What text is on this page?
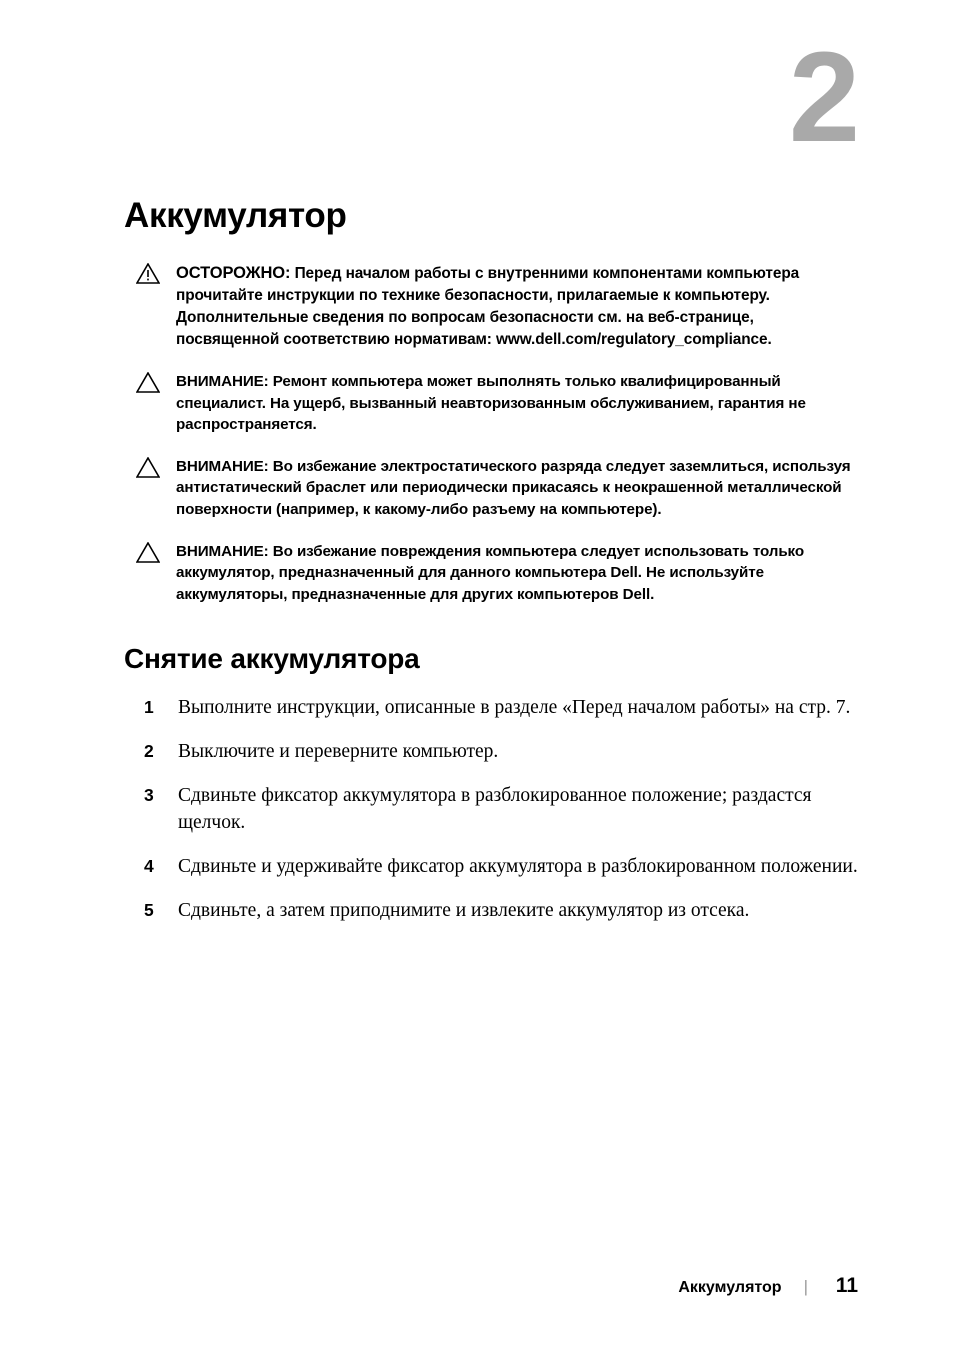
2
Аккумулятор
ОСТОРОЖНО: Перед началом работы с внутренними компонентами компьютера прочитайте инструкции по технике безопасности, прилагаемые к компьютеру. Дополнительные сведения по вопросам безопасности см. на веб-странице, посвященной соответствию нормативам: www.dell.com/regulatory_compliance.
ВНИМАНИЕ: Ремонт компьютера может выполнять только квалифицированный специалист. На ущерб, вызванный неавторизованным обслуживанием, гарантия не распространяется.
ВНИМАНИЕ: Во избежание электростатического разряда следует заземлиться, используя антистатический браслет или периодически прикасаясь к неокрашенной металлической поверхности (например, к какому-либо разъему на компьютере).
ВНИМАНИЕ: Во избежание повреждения компьютера следует использовать только аккумулятор, предназначенный для данного компьютера Dell. Не используйте аккумуляторы, предназначенные для других компьютеров Dell.
Снятие аккумулятора
1 Выполните инструкции, описанные в разделе «Перед началом работы» на стр. 7.
2 Выключите и переверните компьютер.
3 Сдвиньте фиксатор аккумулятора в разблокированное положение; раздастся щелчок.
4 Сдвиньте и удерживайте фиксатор аккумулятора в разблокированном положении.
5 Сдвиньте, а затем приподнимите и извлеките аккумулятор из отсека.
Аккумулятор | 11
